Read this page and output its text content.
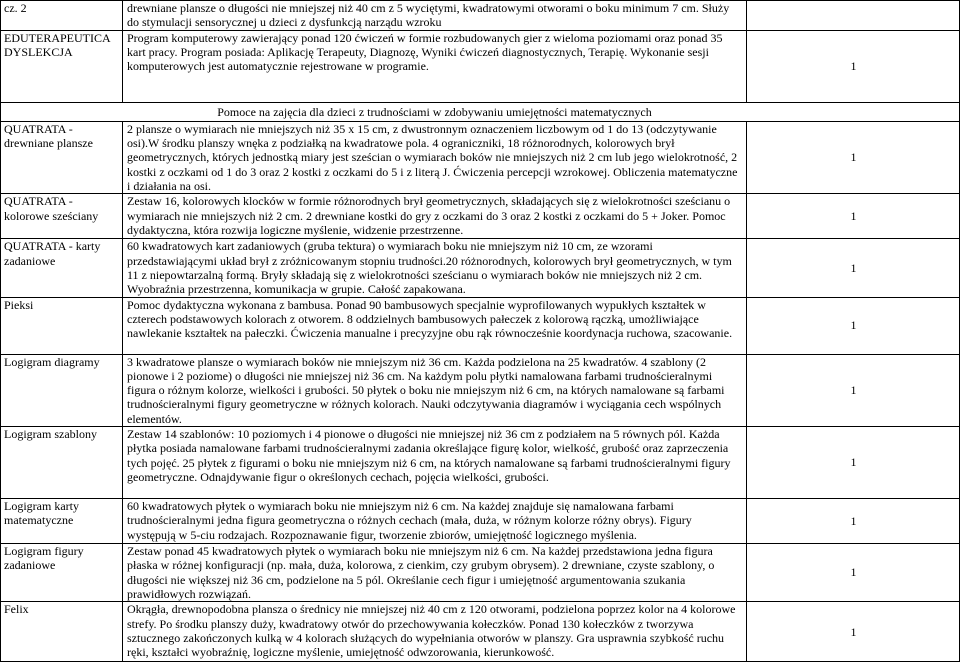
cz. 2	drewniane plansze o długości nie mniejszej niż 40 cm z 5 wyciętymi, kwadratowymi otworami o boku minimum 7 cm. Służy do stymulacji sensorycznej u dzieci z dysfunkcją narządu wzroku	
EDUTERAPEUTICA DYSLEKCJA	Program komputerowy zawierający ponad 120 ćwiczeń w formie rozbudowanych gier z wieloma poziomami oraz ponad 35 kart pracy. Program posiada: Aplikację Terapeuty, Diagnozę, Wyniki ćwiczeń diagnostycznych, Terapię. Wykonanie sesji komputerowych jest automatycznie rejestrowane w programie.	1
	Pomoce na zajęcia dla dzieci z trudnościami w zdobywaniu umiejętności matematycznych	
QUATRATA - drewniane plansze	2 plansze o wymiarach nie mniejszych niż 35 x 15 cm, z dwustronnym oznaczeniem liczbowym od 1 do 13 (odczytywanie osi).W środku planszy wnęka z podziałką na kwadratowe pola. 4 ograniczniki, 18 różnorodnych, kolorowych brył geometrycznych, których jednostką miary jest sześcian o wymiarach boków nie mniejszych niż 2 cm lub jego wielokrotność, 2 kostki z oczkami od 1 do 3 oraz 2 kostki z oczkami do 5 i z literą J. Ćwiczenia percepcji wzrokowej. Obliczenia matematyczne i działania na osi.	1
QUATRATA - kolorowe sześciany	Zestaw 16, kolorowych klocków w formie różnorodnych brył geometrycznych, składających się z wielokrotności sześcianu o wymiarach nie mniejszych niż 2 cm. 2 drewniane kostki do gry z oczkami do 3 oraz 2 kostki z oczkami do 5 + Joker. Pomoc dydaktyczna, która rozwija logiczne myślenie, widzenie przestrzenne.	1
QUATRATA - karty zadaniowe	60 kwadratowych kart zadaniowych (gruba tektura) o wymiarach boku nie mniejszym niż 10 cm, ze wzorami przedstawiającymi układ brył z zróżnicowanym stopniu trudności.20 różnorodnych, kolorowych brył geometrycznych, w tym 11 z niepowtarzalną formą. Bryły składają się z wielokrotności sześcianu o wymiarach boków nie mniejszych niż 2 cm. Wyobraźnia przestrzenna, komunikacja w grupie. Całość zapakowana.	1
Pieksi	Pomoc dydaktyczna wykonana z bambusa. Ponad 90 bambusowych specjalnie wyprofilowanych wypukłych kształtek w czterech podstawowych kolorach z otworem. 8 oddzielnych bambusowych pałeczek z kolorową rączką, umożliwiające nawlekanie kształtek na pałeczki. Ćwiczenia manualne i precyzyjne obu rąk równocześnie koordynacja ruchowa, szacowanie.	1
Logigram diagramy	3 kwadratowe plansze o wymiarach boków nie mniejszym niż 36 cm. Każda podzielona na 25 kwadratów. 4 szablony (2 pionowe i 2 poziome) o długości nie mniejszej niż 36 cm. Na każdym polu płytki namalowana farbami trudnościeralnymi figura o różnym kolorze, wielkości i grubości. 50 płytek o boku nie mniejszym niż 6 cm, na których namalowane są farbami trudnościeralnymi figury geometryczne w różnych kolorach. Nauki odczytywania diagramów i wyciągania cech wspólnych elementów.	1
Logigram szablony	Zestaw 14 szablonów: 10 poziomych i 4 pionowe o długości nie mniejszej niż 36 cm z podziałem na 5 równych pól. Każda płytka posiada namalowane farbami trudnościeralnymi zadania określające figurę kolor, wielkość, grubość oraz zaprzeczenia tych pojęć. 25 płytek z figurami o boku nie mniejszym niż 6 cm, na których namalowane są farbami trudnościeralnymi figury geometryczne. Odnajdywanie figur o określonych cechach, pojęcia wielkości, grubości.	1
Logigram karty matematyczne	60 kwadratowych płytek o wymiarach boku nie mniejszym niż 6 cm. Na każdej znajduje się namalowana farbami trudnościeralnymi jedna figura geometryczna o różnych cechach (mała, duża, w różnym kolorze różny obrys). Figury występują w 5-ciu rodzajach. Rozpoznawanie figur, tworzenie zbiorów, umiejętność logicznego myślenia.	1
Logigram figury zadaniowe	Zestaw ponad 45 kwadratowych płytek o wymiarach boku nie mniejszym niż 6 cm. Na każdej przedstawiona jedna figura płaska w różnej konfiguracji (np. mała, duża, kolorowa, z cienkim, czy grubym obrysem). 2 drewniane, czyste szablony, o długości nie większej niż 36 cm, podzielone na 5 pól. Określanie cech figur i umiejętność argumentowania szukania prawidłowych rozwiązań.	1
Felix	Okrągła, drewnopodobna plansza o średnicy nie mniejszej niż 40 cm z 120 otworami, podzielona poprzez kolor na 4 kolorowe strefy. Po środku planszy duży, kwadratowy otwór do przechowywania kołeczków. Ponad 130 kołeczków z tworzywa sztucznego zakończonych kulką w 4 kolorach służących do wypełniania otworów w planszy. Gra usprawnia szybkość ruchu ręki, kształci wyobraźnię, logiczne myślenie, umiejętność odwzorowania, kierunkowość.	1
